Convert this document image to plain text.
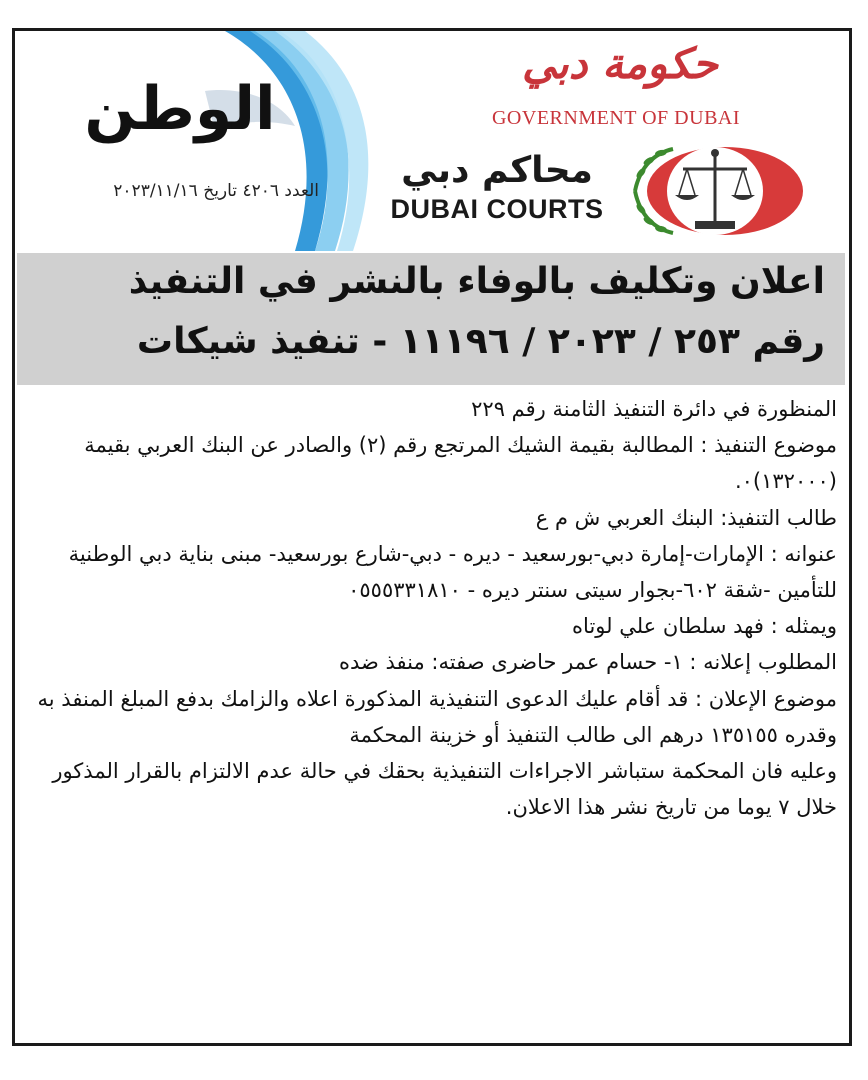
الوطن
العدد ٤٢٠٦ تاريخ ٢٠٢٣/١١/١٦
حكومة دبي
GOVERNMENT OF DUBAI
محاكم دبي
DUBAI COURTS
اعلان وتكليف بالوفاء بالنشر في التنفيذ
رقم ٢٥٣ / ٢٠٢٣ / ١١١٩٦ - تنفيذ شيكات

المنظورة في دائرة التنفيذ الثامنة رقم ٢٢٩

موضوع التنفيذ : المطالبة بقيمة الشيك المرتجع رقم (٢) والصادر عن البنك العربي بقيمة (١٣٢٠٠٠)٠.

طالب التنفيذ: البنك العربي ش م ع

عنوانه : الإمارات-إمارة دبي-بورسعيد - ديره - دبي-شارع بورسعيد- مبنى بناية دبي الوطنية للتأمين -شقة ٦٠٢-بجوار سيتى سنتر ديره - ٠٥٥٥٣٣١٨١٠

ويمثله : فهد سلطان علي لوتاه

المطلوب إعلانه : ١- حسام عمر حاضرى صفته: منفذ ضده

موضوع الإعلان : قد أقام عليك الدعوى التنفيذية المذكورة اعلاه والزامك بدفع المبلغ المنفذ به وقدره ١٣٥١٥٥ درهم الى طالب التنفيذ أو خزينة المحكمة

وعليه فان المحكمة ستباشر الاجراءات التنفيذية بحقك في حالة عدم الالتزام بالقرار المذكور خلال ٧ يوما من تاريخ نشر هذا الاعلان.
